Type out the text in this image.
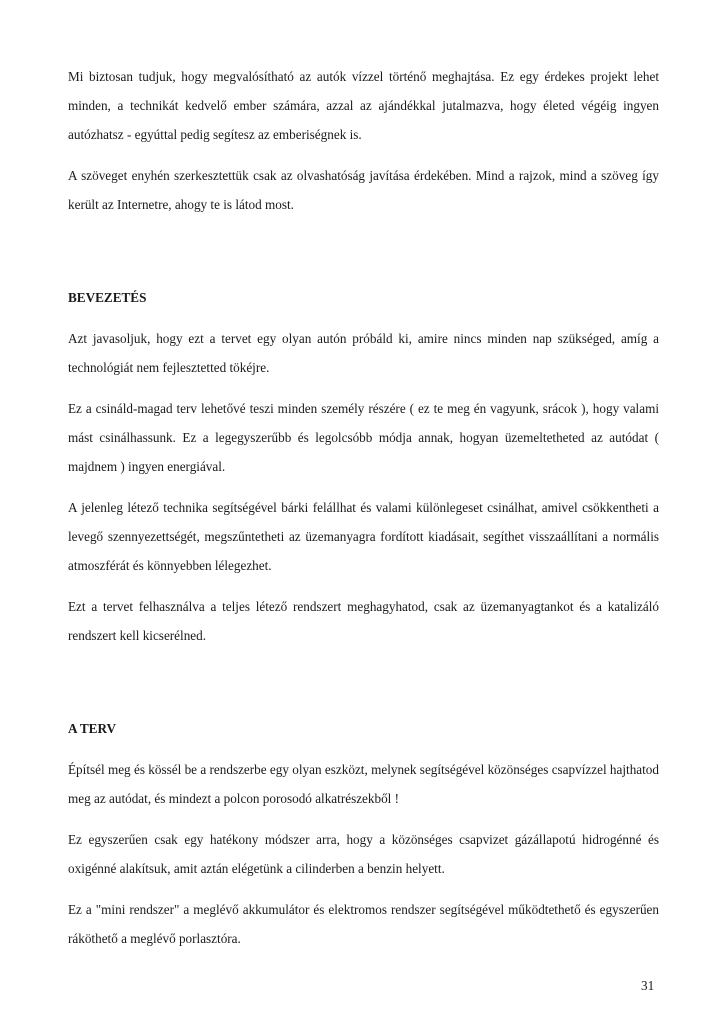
Mi biztosan tudjuk, hogy megvalósítható az autók vízzel történő meghajtása. Ez egy érdekes projekt lehet minden, a technikát kedvelő ember számára, azzal az ajándékkal jutalmazva, hogy életed végéig ingyen autózhatsz - egyúttal pedig segítesz az emberiségnek is.

A szöveget enyhén szerkesztettük csak az olvashatóság javítása érdekében. Mind a rajzok, mind a szöveg így került az Internetre, ahogy te is látod most.

BEVEZETÉS

Azt javasoljuk, hogy ezt a tervet egy olyan autón próbáld ki, amire nincs minden nap szükséged, amíg a technológiát nem fejlesztetted tökéjre.

Ez a csináld-magad terv lehetővé teszi minden személy részére ( ez te meg én vagyunk, srácok ), hogy valami mást csinálhassunk. Ez a legegyszerűbb és legolcsóbb módja annak, hogyan üzemeltetheted az autódat ( majdnem ) ingyen energiával.

A jelenleg létező technika segítségével bárki felállhat és valami különlegeset csinálhat, amivel csökkentheti a levegő szennyezettségét, megszűntetheti az üzemanyagra fordított kiadásait, segíthet visszaállítani a normális atmoszférát és könnyebben lélegezhet.

Ezt a tervet felhasználva a teljes létező rendszert meghagyhatod, csak az üzemanyagtankot és a katalizáló rendszert kell kicserélned.

A TERV

Építsél meg és kössél be a rendszerbe egy olyan eszközt, melynek segítségével közönséges csapvízzel hajthatod meg az autódat, és mindezt a polcon porosodó alkatrészekből !

Ez egyszerűen csak egy hatékony módszer arra, hogy a közönséges csapvizet gázállapotú hidrogénné és oxigénné alakítsuk, amit aztán elégetünk a cilinderben a benzin helyett.

Ez a "mini rendszer" a meglévő akkumulátor és elektromos rendszer segítségével működtethető és egyszerűen ráköthető a meglévő porlasztóra.

31
